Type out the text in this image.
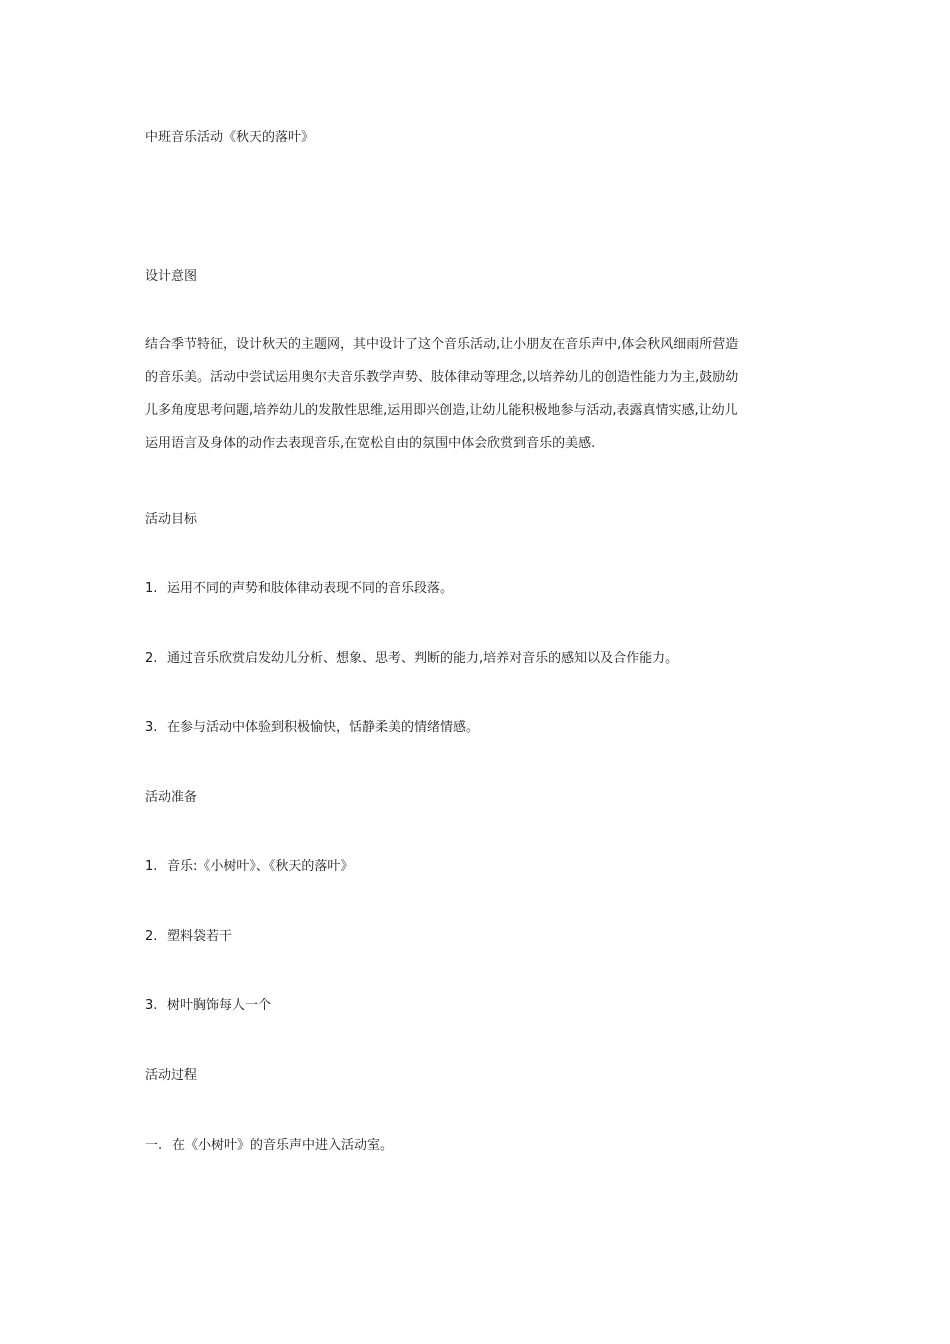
中班音乐活动《秋天的落叶》
设计意图
结合季节特征，设计秋天的主题网，其中设计了这个音乐活动,让小朋友在音乐声中,体会秋风细雨所营造
的音乐美。活动中尝试运用奥尔夫音乐教学声势、肢体律动等理念,以培养幼儿的创造性能力为主,鼓励幼
儿多角度思考问题,培养幼儿的发散性思维,运用即兴创造,让幼儿能积极地参与活动,表露真情实感,让幼儿
运用语言及身体的动作去表现音乐,在宽松自由的氛围中体会欣赏到音乐的美感.
活动目标
1. 运用不同的声势和肢体律动表现不同的音乐段落。
2. 通过音乐欣赏启发幼儿分析、想象、思考、判断的能力,培养对音乐的感知以及合作能力。
3. 在参与活动中体验到积极愉快，恬静柔美的情绪情感。
活动准备
1. 音乐:《小树叶》、《秋天的落叶》
2. 塑料袋若干
3. 树叶胸饰每人一个
活动过程
一. 在《小树叶》的音乐声中进入活动室。
